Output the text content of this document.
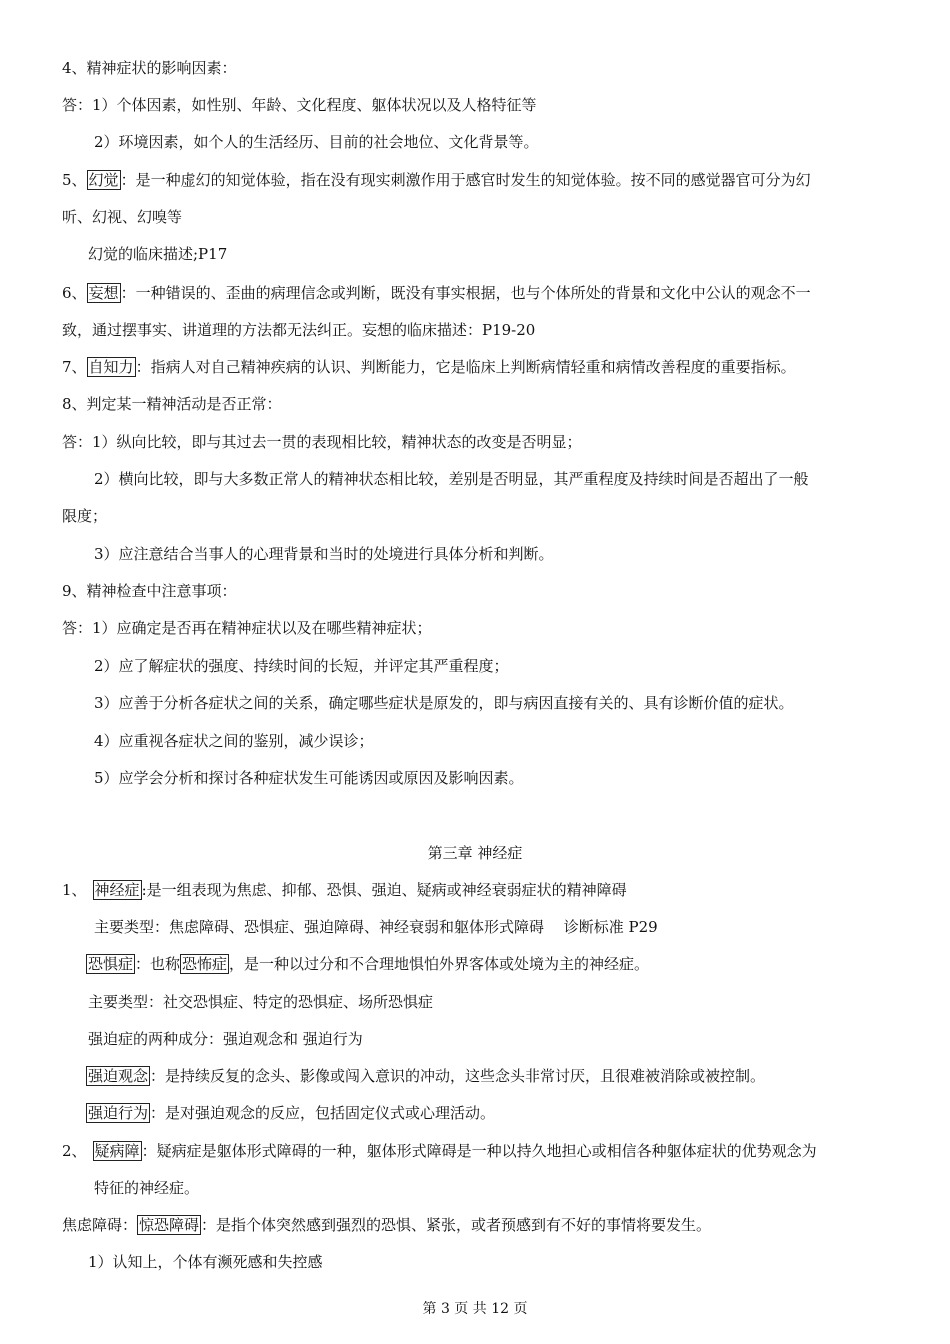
4、精神症状的影响因素：
答：1）个体因素，如性别、年龄、文化程度、躯体状况以及人格特征等
2）环境因素，如个人的生活经历、目前的社会地位、文化背景等。
5、 幻觉 ：是一种虚幻的知觉体验，指在没有现实刺激作用于感官时发生的知觉体验。按不同的感觉器官可分为幻
听、幻视、幻嗅等
幻觉的临床描述;P17
6、 妄想 ：一种错误的、歪曲的病理信念或判断，既没有事实根据，也与个体所处的背景和文化中公认的观念不一
致，通过摆事实、讲道理的方法都无法纠正。妄想的临床描述：P19-20
7、 自知力 ：指病人对自己精神疾病的认识、判断能力，它是临床上判断病情轻重和病情改善程度的重要指标。
8、判定某一精神活动是否正常：
答：1）纵向比较，即与其过去一贯的表现相比较，精神状态的改变是否明显；
2）横向比较，即与大多数正常人的精神状态相比较，差别是否明显，其严重程度及持续时间是否超出了一般
限度；
3）应注意结合当事人的心理背景和当时的处境进行具体分析和判断。
9、精神检查中注意事项：
答：1）应确定是否再在精神症状以及在哪些精神症状；
2）应了解症状的强度、持续时间的长短，并评定其严重程度；
3）应善于分析各症状之间的关系，确定哪些症状是原发的，即与病因直接有关的、具有诊断价值的症状。
4）应重视各症状之间的鉴别，减少误诊；
5）应学会分析和探讨各种症状发生可能诱因或原因及影响因素。
第三章 神经症
1、 神经症 :是一组表现为焦虑、抑郁、恐惧、强迫、疑病或神经衰弱症状的精神障碍
主要类型：焦虑障碍、恐惧症、强迫障碍、神经衰弱和躯体形式障碍　 诊断标准 P29
恐惧症 ：也称 恐怖症 ，是一种以过分和不合理地惧怕外界客体或处境为主的神经症。
主要类型：社交恐惧症、特定的恐惧症、场所恐惧症
强迫症的两种成分：强迫观念和 强迫行为
强迫观念 ：是持续反复的念头、影像或闯入意识的冲动，这些念头非常讨厌，且很难被消除或被控制。
强迫行为 ：是对强迫观念的反应，包括固定仪式或心理活动。
2、 疑病障 ：疑病症是躯体形式障碍的一种，躯体形式障碍是一种以持久地担心或相信各种躯体症状的优势观念为
特征的神经症。
焦虑障碍： 惊恐障碍 ：是指个体突然感到强烈的恐惧、紧张，或者预感到有不好的事情将要发生。
1）认知上，个体有濒死感和失控感
第 3 页 共 12 页
